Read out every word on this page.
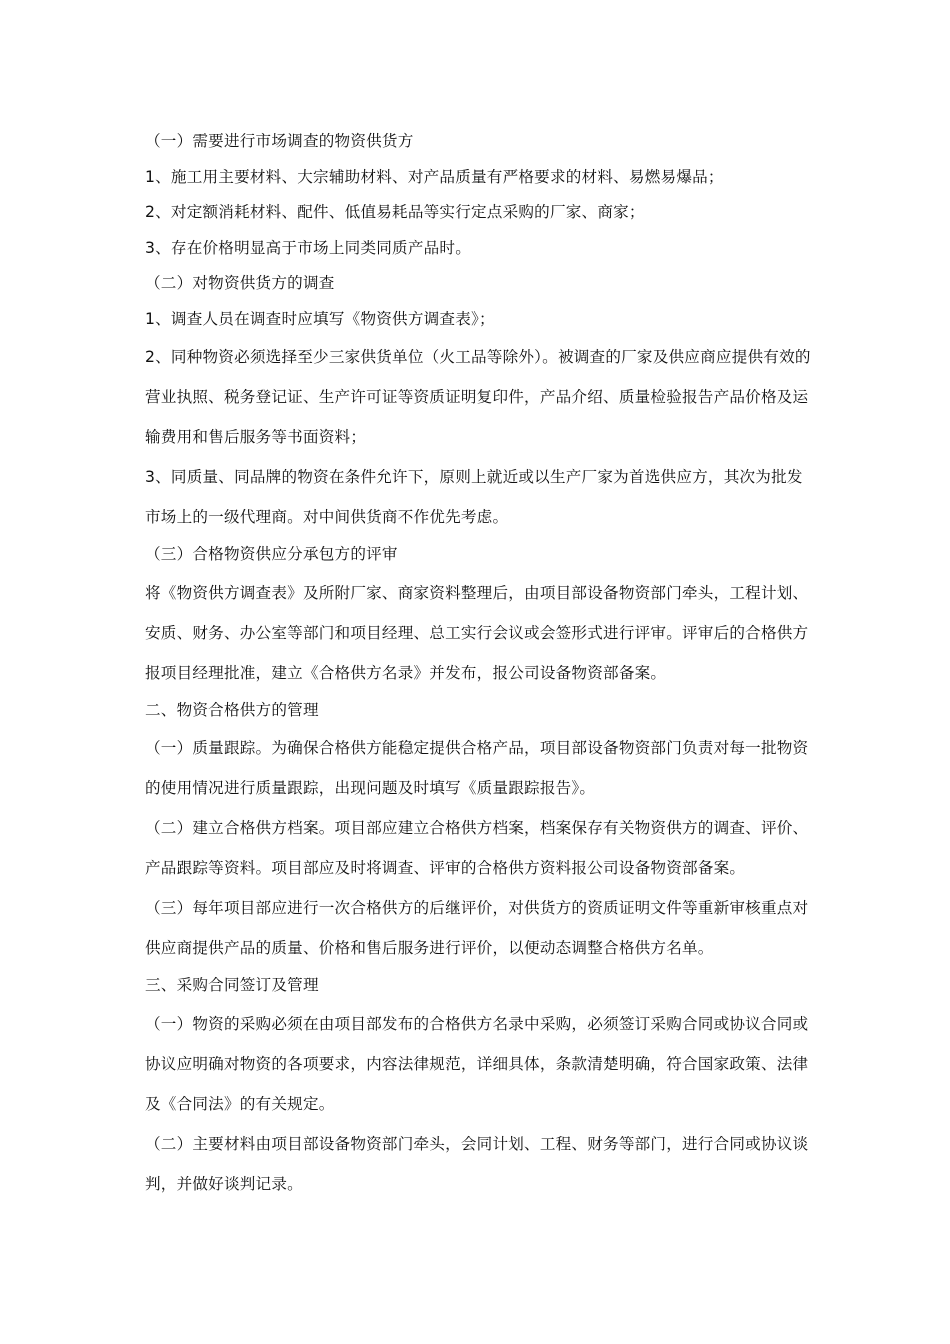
（一）需要进行市场调查的物资供货方

1、施工用主要材料、大宗辅助材料、对产品质量有严格要求的材料、易燃易爆品；

2、对定额消耗材料、配件、低值易耗品等实行定点采购的厂家、商家；

3、存在价格明显高于市场上同类同质产品时。

（二）对物资供货方的调查

1、调查人员在调查时应填写《物资供方调查表》；

2、同种物资必须选择至少三家供货单位（火工品等除外）。被调查的厂家及供应商应提供有效的营业执照、税务登记证、生产许可证等资质证明复印件，产品介绍、质量检验报告产品价格及运输费用和售后服务等书面资料；

3、同质量、同品牌的物资在条件允许下，原则上就近或以生产厂家为首选供应方，其次为批发市场上的一级代理商。对中间供货商不作优先考虑。

（三）合格物资供应分承包方的评审

将《物资供方调查表》及所附厂家、商家资料整理后，由项目部设备物资部门牵头，工程计划、安质、财务、办公室等部门和项目经理、总工实行会议或会签形式进行评审。评审后的合格供方报项目经理批准，建立《合格供方名录》并发布，报公司设备物资部备案。

二、物资合格供方的管理

（一）质量跟踪。为确保合格供方能稳定提供合格产品，项目部设备物资部门负责对每一批物资的使用情况进行质量跟踪，出现问题及时填写《质量跟踪报告》。

（二）建立合格供方档案。项目部应建立合格供方档案，档案保存有关物资供方的调查、评价、产品跟踪等资料。项目部应及时将调查、评审的合格供方资料报公司设备物资部备案。

（三）每年项目部应进行一次合格供方的后继评价，对供货方的资质证明文件等重新审核重点对供应商提供产品的质量、价格和售后服务进行评价，以便动态调整合格供方名单。

三、采购合同签订及管理

（一）物资的采购必须在由项目部发布的合格供方名录中采购，必须签订采购合同或协议合同或协议应明确对物资的各项要求，内容法律规范，详细具体，条款清楚明确，符合国家政策、法律及《合同法》的有关规定。

（二）主要材料由项目部设备物资部门牵头，会同计划、工程、财务等部门，进行合同或协议谈判，并做好谈判记录。
